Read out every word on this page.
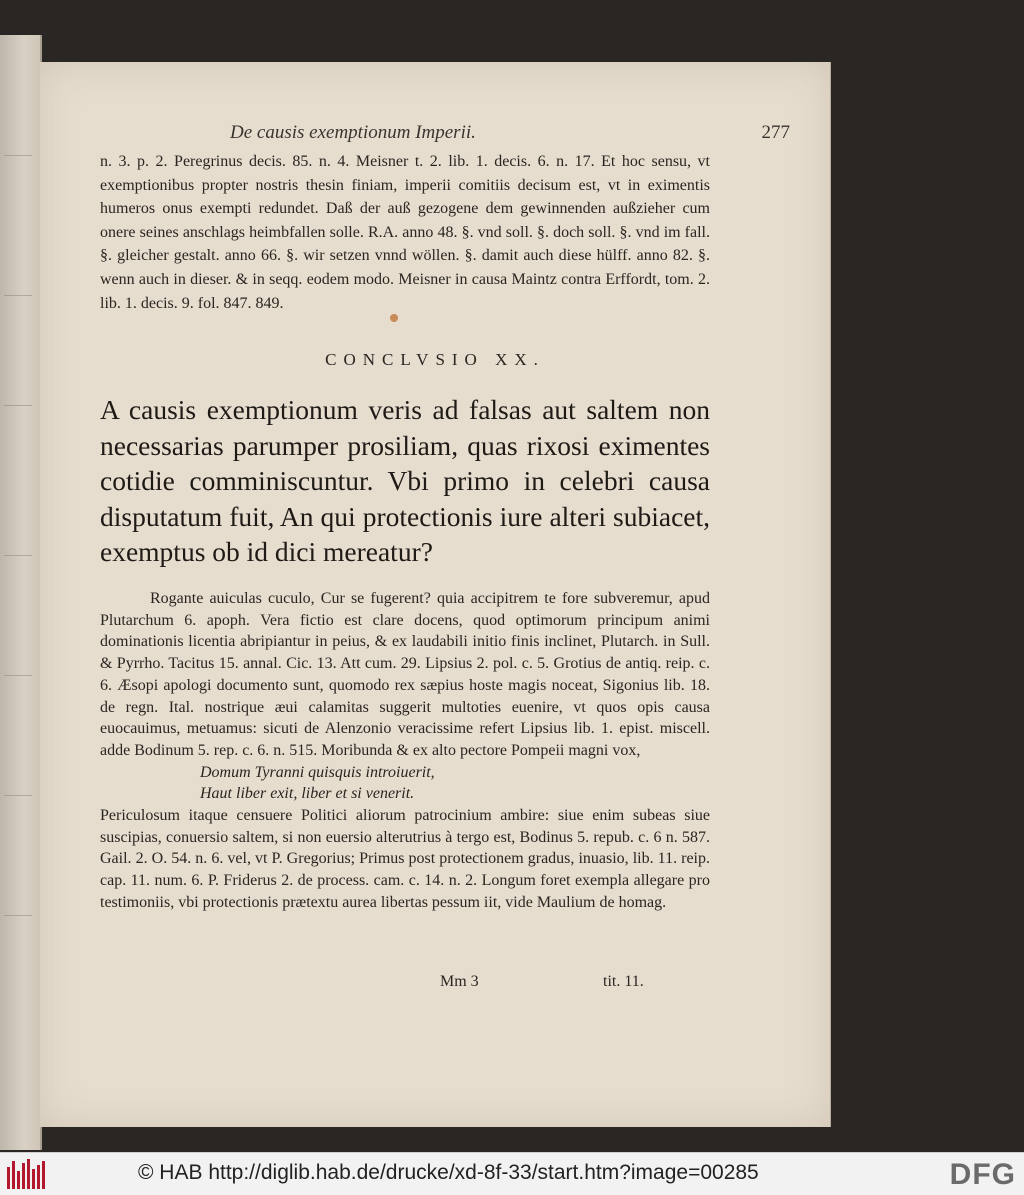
De causis exemptionum Imperii.	277
n. 3. p. 2. Peregrinus decis. 85. n. 4. Meisner t. 2. lib. 1. decis. 6. n. 17. Et hoc sensu, vt exemptionibus propter nostris thesin finiam, imperii comitiis decisum est, vt in eximentis humeros onus exempti redundet. Daß der auß gezogene dem gewinnenden außzieher cum onere seines anschlags heimbfallen solle. R.A. anno 48. §. vnd soll. §. doch soll. §. vnd im fall. §. gleicher gestalt. anno 66. §. wir setzen vnnd wöllen. §. damit auch diese hülff. anno 82. §. wenn auch in dieser. & in seqq. eodem modo. Meisner in causa Maintz contra Erffordt, tom. 2. lib. 1. decis. 9. fol. 847. 849.
CONCLVSIO XX.
A causis exemptionum veris ad falsas aut saltem non necessarias parumper prosiliam, quas rixosi eximentes cotidie comminiscuntur. Vbi primo in celebri causa disputatum fuit, An qui protectionis iure alteri subiacet, exemptus ob id dici mereatur?

Rogante auiculas cuculo, Cur se fugerent? quia accipitrem te fore subveremur, apud Plutarchum 6. apoph. Vera fictio est clare docens, quod optimorum principum animi dominationis licentia abripiantur in peius, & ex laudabili initio finis inclinet, Plutarch. in Sull. & Pyrrho. Tacitus 15. annal. Cic. 13. Att cum. 29. Lipsius 2. pol. c. 5. Grotius de antiq. reip. c. 6. Æsopi apologi documento sunt, quomodo rex sæpius hoste magis noceat, Sigonius lib. 18. de regn. Ital. nostrique æui calamitas suggerit multoties euenire, vt quos opis causa euocauimus, metuamus: sicuti de Alenzonio veracissime refert Lipsius lib. 1. epist. miscell. adde Bodinum 5. rep. c. 6. n. 515. Moribunda & ex alto pectore Pompeii magni vox,

Domum Tyranni quisquis introiuerit,

Haut liber exit, liber et si venerit.

Periculosum itaque censuere Politici aliorum patrocinium ambire: siue enim subeas siue suscipias, conuersio saltem, si non euersio alterutrius à tergo est, Bodinus 5. repub. c. 6 n. 587. Gail. 2. O. 54. n. 6. vel, vt P. Gregorius; Primus post protectionem gradus, inuasio, lib. 11. reip. cap. 11. num. 6. P. Friderus 2. de process. cam. c. 14. n. 2. Longum foret exempla allegare pro testimoniis, vbi protectionis prætextu aurea libertas pessum iit, vide Maulium de homag.

Mm 3	tit. 11.
© HAB http://diglib.hab.de/drucke/xd-8f-33/start.htm?image=00285	DFG
